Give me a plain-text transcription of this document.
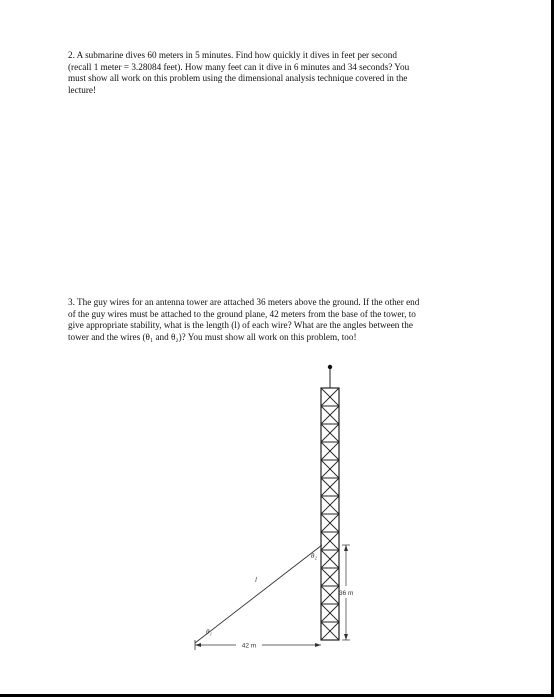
2. A submarine dives 60 meters in 5 minutes. Find how quickly it dives in feet per second
(recall 1 meter = 3.28084 feet). How many feet can it dive in 6 minutes and 34 seconds? You
must show all work on this problem using the dimensional analysis technique covered in the
lecture!
3. The guy wires for an antenna tower are attached 36 meters above the ground. If the other end
of the guy wires must be attached to the ground plane, 42 meters from the base of the tower, to
give appropriate stability, what is the length (l) of each wire? What are the angles between the
tower and the wires (θ₁ and θ₂)? You must show all work on this problem, too!
42 m
36 m
l
θ₂
θ₁
